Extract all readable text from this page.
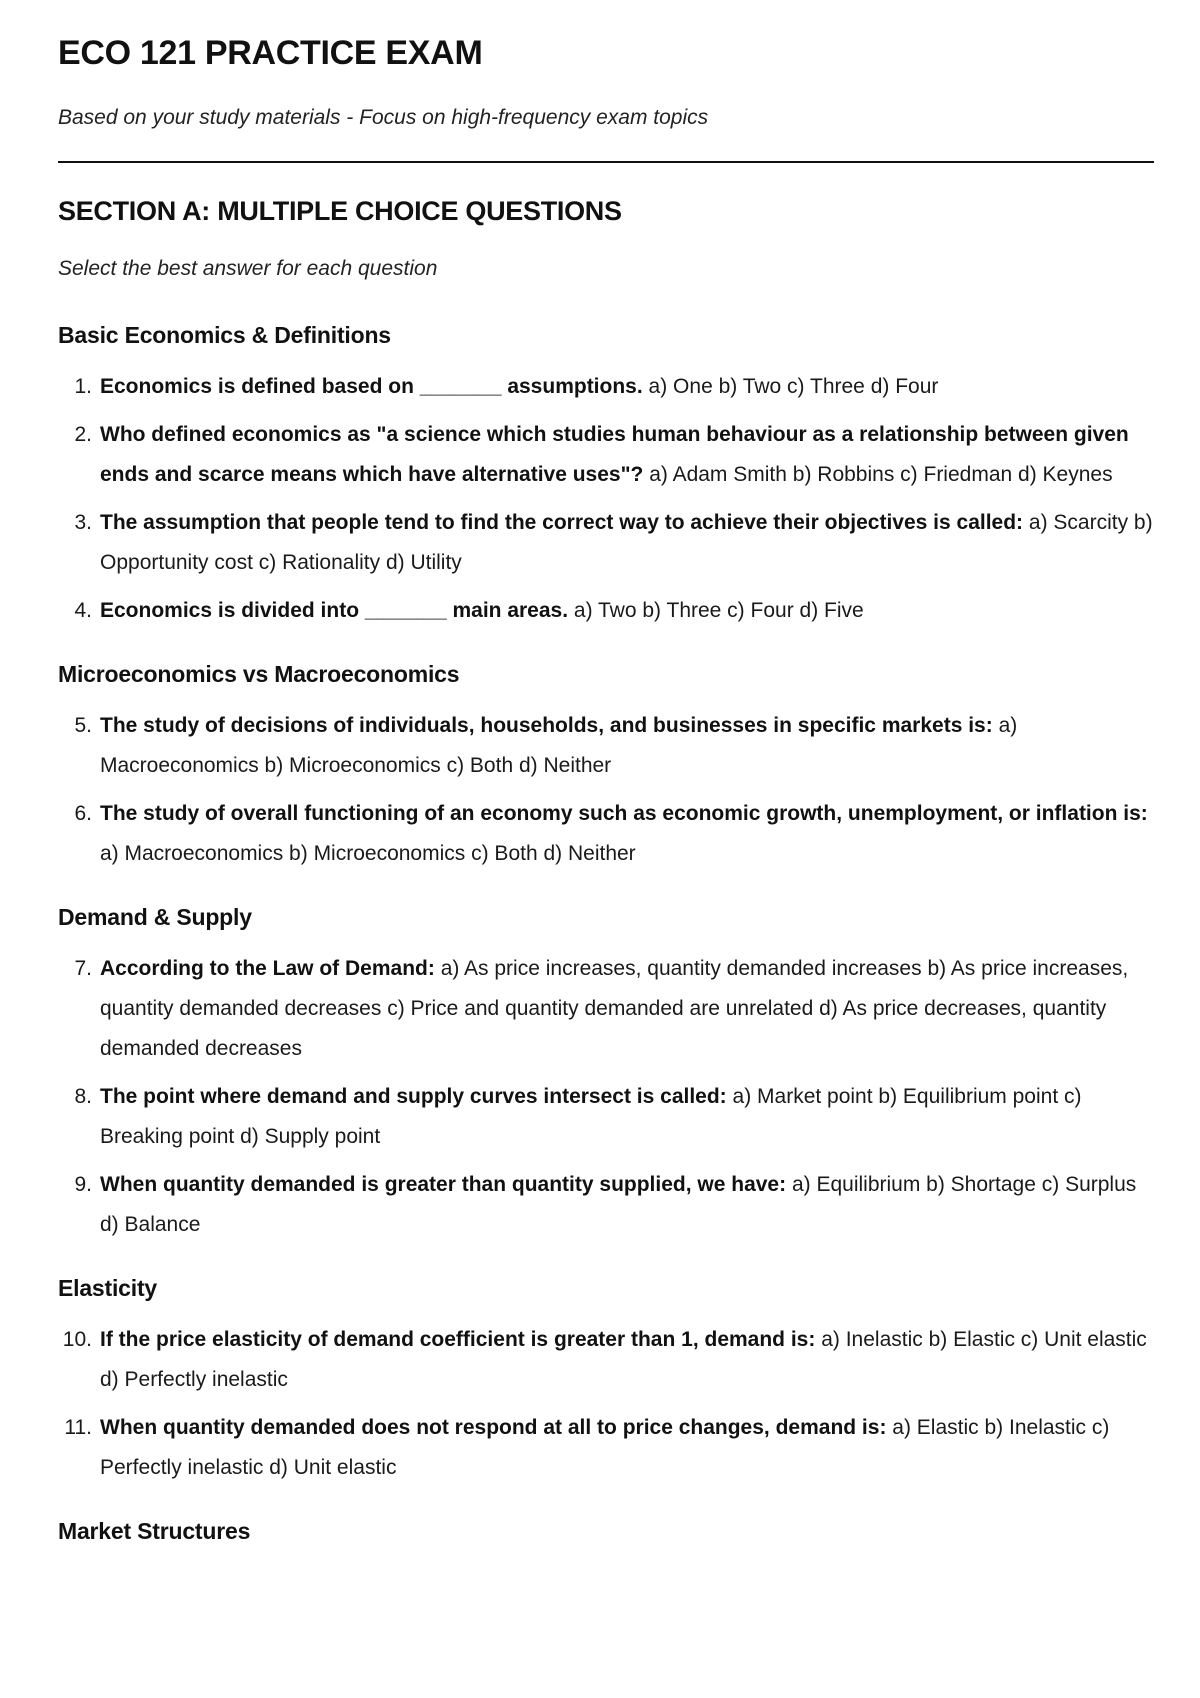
ECO 121 PRACTICE EXAM

Based on your study materials - Focus on high-frequency exam topics

SECTION A: MULTIPLE CHOICE QUESTIONS

Select the best answer for each question

Basic Economics & Definitions
1. Economics is defined based on _______ assumptions. a) One b) Two c) Three d) Four
2. Who defined economics as "a science which studies human behaviour as a relationship between given ends and scarce means which have alternative uses"? a) Adam Smith b) Robbins c) Friedman d) Keynes
3. The assumption that people tend to find the correct way to achieve their objectives is called: a) Scarcity b) Opportunity cost c) Rationality d) Utility
4. Economics is divided into _______ main areas. a) Two b) Three c) Four d) Five
Microeconomics vs Macroeconomics
5. The study of decisions of individuals, households, and businesses in specific markets is: a) Macroeconomics b) Microeconomics c) Both d) Neither
6. The study of overall functioning of an economy such as economic growth, unemployment, or inflation is: a) Macroeconomics b) Microeconomics c) Both d) Neither
Demand & Supply
7. According to the Law of Demand: a) As price increases, quantity demanded increases b) As price increases, quantity demanded decreases c) Price and quantity demanded are unrelated d) As price decreases, quantity demanded decreases
8. The point where demand and supply curves intersect is called: a) Market point b) Equilibrium point c) Breaking point d) Supply point
9. When quantity demanded is greater than quantity supplied, we have: a) Equilibrium b) Shortage c) Surplus d) Balance
Elasticity
10. If the price elasticity of demand coefficient is greater than 1, demand is: a) Inelastic b) Elastic c) Unit elastic d) Perfectly inelastic
11. When quantity demanded does not respond at all to price changes, demand is: a) Elastic b) Inelastic c) Perfectly inelastic d) Unit elastic
Market Structures
